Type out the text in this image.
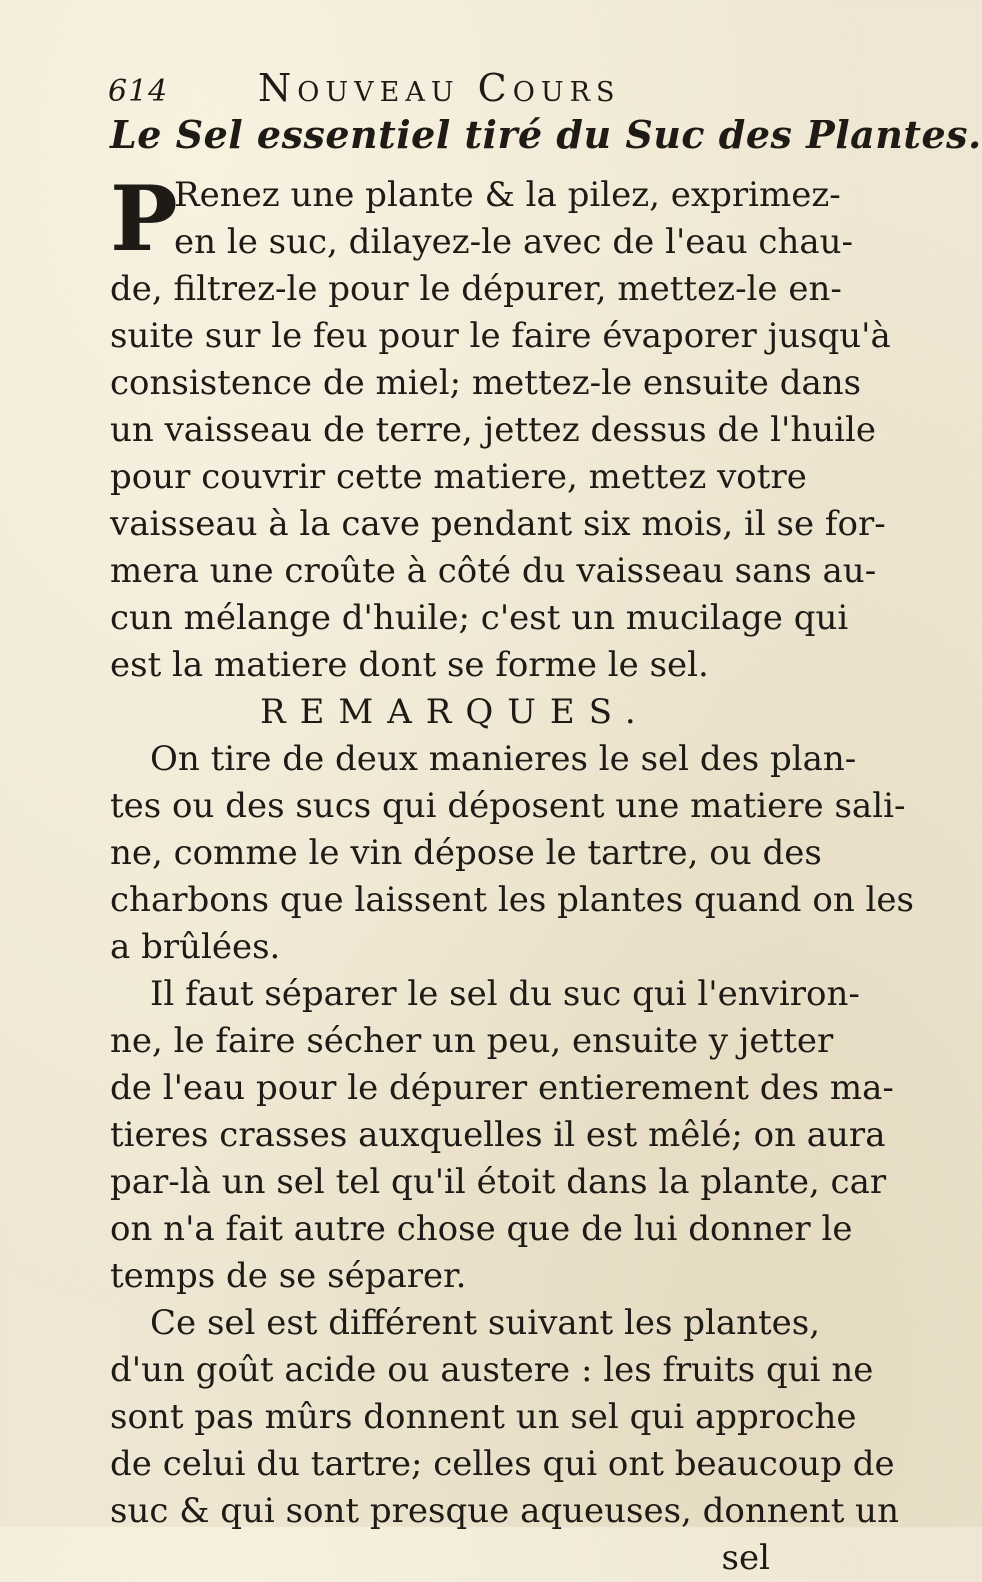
614 Nouveau Cours
Le Sel essentiel tiré du Suc des Plantes.
P
Renez une plante & la pilez, exprimez-
en le suc, dilayez-le avec de l'eau chau-
de, filtrez-le pour le dépurer, mettez-le en-
suite sur le feu pour le faire évaporer jusqu'à
consistence de miel; mettez-le ensuite dans
un vaisseau de terre, jettez dessus de l'huile
pour couvrir cette matiere, mettez votre
vaisseau à la cave pendant six mois, il se for-
mera une croûte à côté du vaisseau sans au-
cun mélange d'huile; c'est un mucilage qui
est la matiere dont se forme le sel.
REMARQUES.
On tire de deux manieres le sel des plan-
tes ou des sucs qui déposent une matiere sali-
ne, comme le vin dépose le tartre, ou des
charbons que laissent les plantes quand on les
a brûlées.
Il faut séparer le sel du suc qui l'environ-
ne, le faire sécher un peu, ensuite y jetter
de l'eau pour le dépurer entierement des ma-
tieres crasses auxquelles il est mêlé; on aura
par-là un sel tel qu'il étoit dans la plante, car
on n'a fait autre chose que de lui donner le
temps de se séparer.
Ce sel est différent suivant les plantes,
d'un goût acide ou austere : les fruits qui ne
sont pas mûrs donnent un sel qui approche
de celui du tartre; celles qui ont beaucoup de
suc & qui sont presque aqueuses, donnent un
sel
